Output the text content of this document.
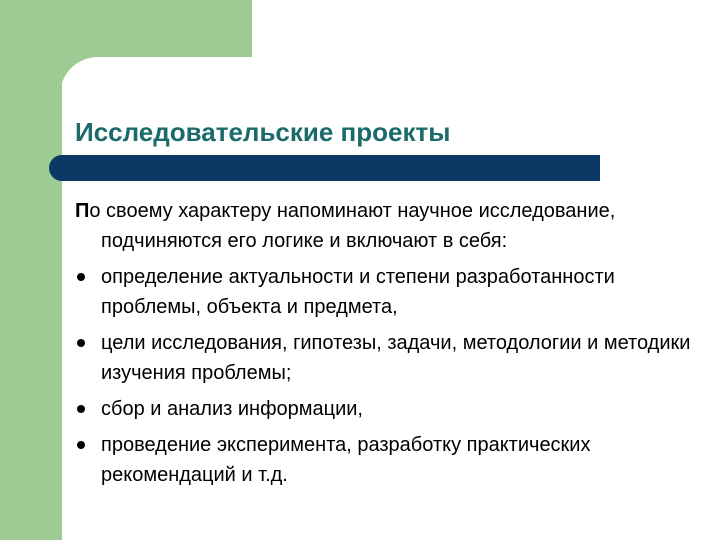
Исследовательские проекты
По своему характеру напоминают научное исследование, подчиняются его логике и включают в себя:
определение актуальности и степени разработанности проблемы, объекта и предмета,
цели исследования, гипотезы, задачи, методологии и методики изучения проблемы;
сбор и анализ информации,
проведение эксперимента, разработку практических рекомендаций и т.д.
